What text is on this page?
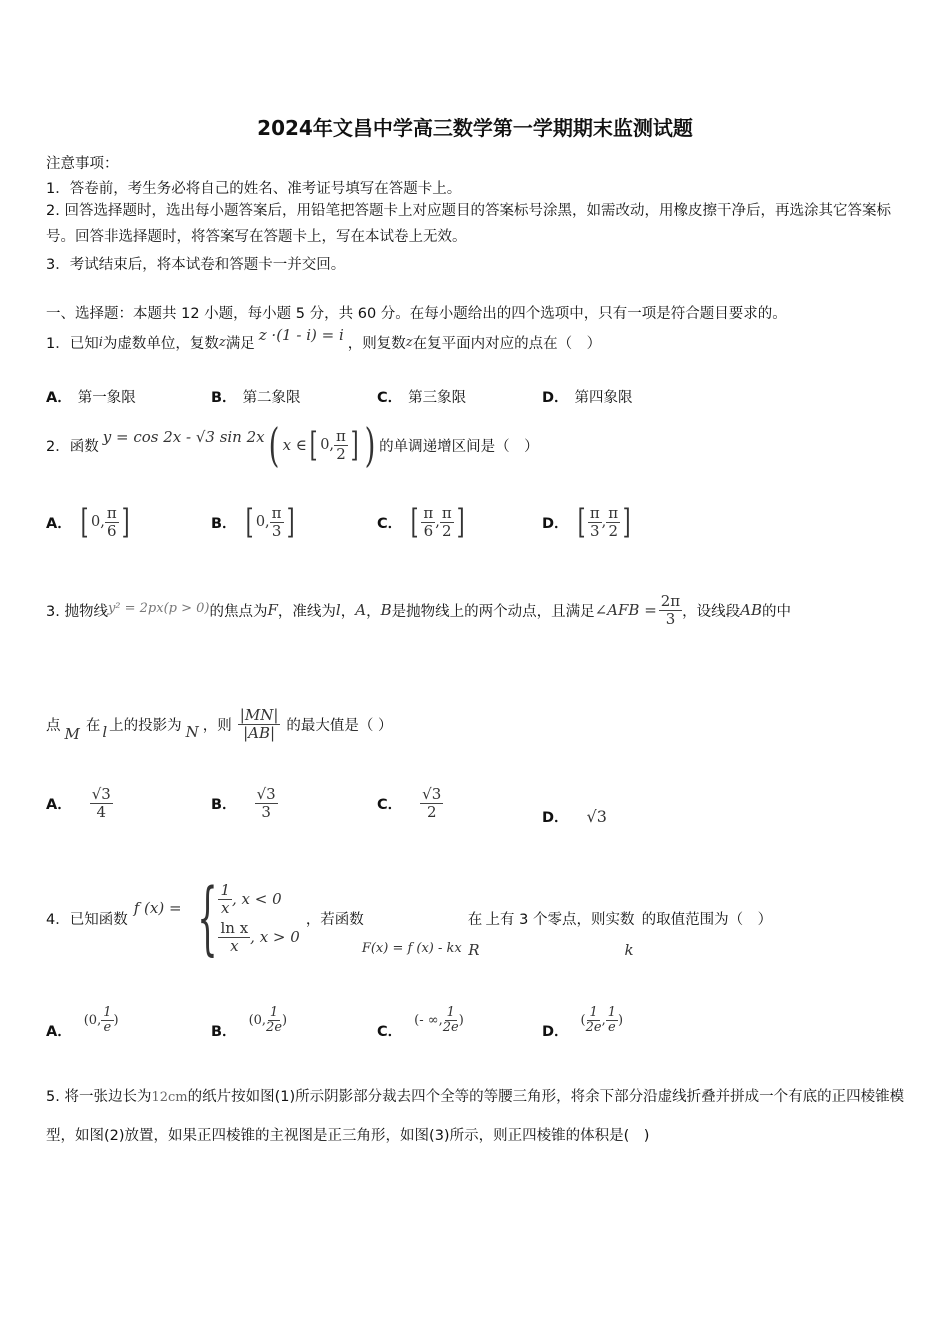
2024年文昌中学高三数学第一学期期末监测试题
注意事项：
1．答卷前，考生务必将自己的姓名、准考证号填写在答题卡上。
2. 回答选择题时，选出每小题答案后，用铅笔把答题卡上对应题目的答案标号涂黑，如需改动，用橡皮擦干净后，再选涂其它答案标号。回答非选择题时，将答案写在答题卡上，写在本试卷上无效。
3．考试结束后，将本试卷和答题卡一并交回。
一、选择题：本题共 12 小题，每小题 5 分，共 60 分。在每小题给出的四个选项中，只有一项是符合题目要求的。
1．已知 i 为虚数单位，复数 z 满足
z ·(1 - i) = i
，则复数 z 在复平面内对应的点在（　）
A． 第一象限	B． 第二象限	C． 第三象限	D． 第四象限
2．函数
y = cos 2x - √3 sin 2x ( x ∈ [ 0, $\frac{\pi}{2}$ ] ) 的单调递增区间是（　）
A． [ 0, $\frac{\pi}{6}$ ]	B． [ 0, $\frac{\pi}{3}$ ]	C． [ $\frac{\pi}{6}$ , $\frac{\pi}{2}$ ]	D． [ $\frac{\pi}{3}$ , $\frac{\pi}{2}$ ]
3. 抛物线 y² = 2px(p > 0) 的焦点为 F ，准线为 l ， A ， B 是抛物线上的两个动点，且满足 ∠AFB = $\frac{2\pi}{3}$ ，设线段 AB 的中
点 M 在 l 上的投影为 N ，则 $\frac{|MN|}{|AB|}$ 的最大值是（ ）
A． $\frac{√3}{4}$	B． $\frac{√3}{3}$	C． $\frac{√3}{2}$	D． √3
4．已知函数
f (x) = { $\frac{1}{x}$ , x < 0
$\frac{\text{ln x}}{x}$ , x > 0
，若函数
F(x) = f (x) - kx
在
R
上有 3 个零点，则实数
k
的取值范围为（　）
A．
(0, $\frac{1}{e}$ )
B．
(0, $\frac{1}{2e}$ )
C．
(- ∞, $\frac{1}{2e}$ )
D．
( $\frac{1}{2e}$ , $\frac{1}{e}$ )
5. 将一张边长为12cm的纸片按如图(1)所示阴影部分裁去四个全等的等腰三角形，将余下部分沿虚线折叠并拼成一个有底的正四棱锥模型，如图(2)放置，如果正四棱锥的主视图是正三角形，如图(3)所示，则正四棱锥的体积是(　)
